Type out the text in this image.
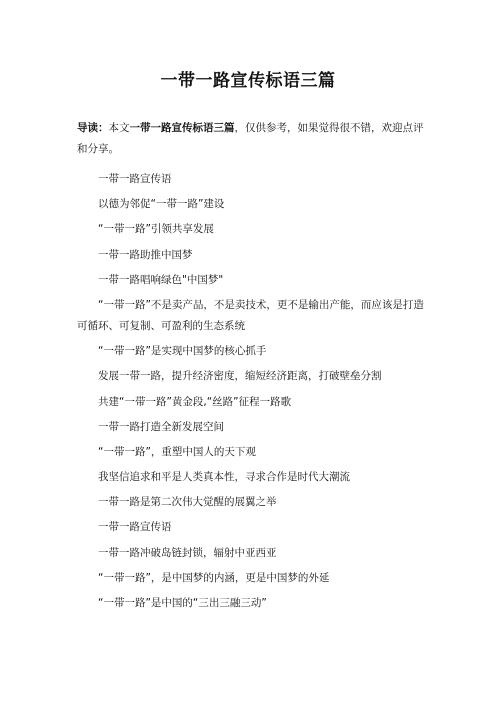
一带一路宣传标语三篇
导读：本文一带一路宣传标语三篇，仅供参考，如果觉得很不错，欢迎点评和分享。

一带一路宣传语

以德为邻促“一带一路”建设

“一带一路”引领共享发展

一带一路助推中国梦

一带一路唱响绿色"中国梦"

“一带一路”不是卖产品，不是卖技术，更不是输出产能，而应该是打造可循环、可复制、可盈利的生态系统

“一带一路”是实现中国梦的核心抓手

发展一带一路，提升经济密度，缩短经济距离，打破壁垒分割

共建“一带一路”黄金段,“丝路”征程一路歌

一带一路打造全新发展空间

“一带一路”，重塑中国人的天下观

我坚信追求和平是人类真本性，寻求合作是时代大潮流

一带一路是第二次伟大觉醒的展翼之举

一带一路宣传语

一带一路冲破岛链封锁，辐射中亚西亚

“一带一路”，是中国梦的内涵，更是中国梦的外延

“一带一路”是中国的“三出三融三动”
